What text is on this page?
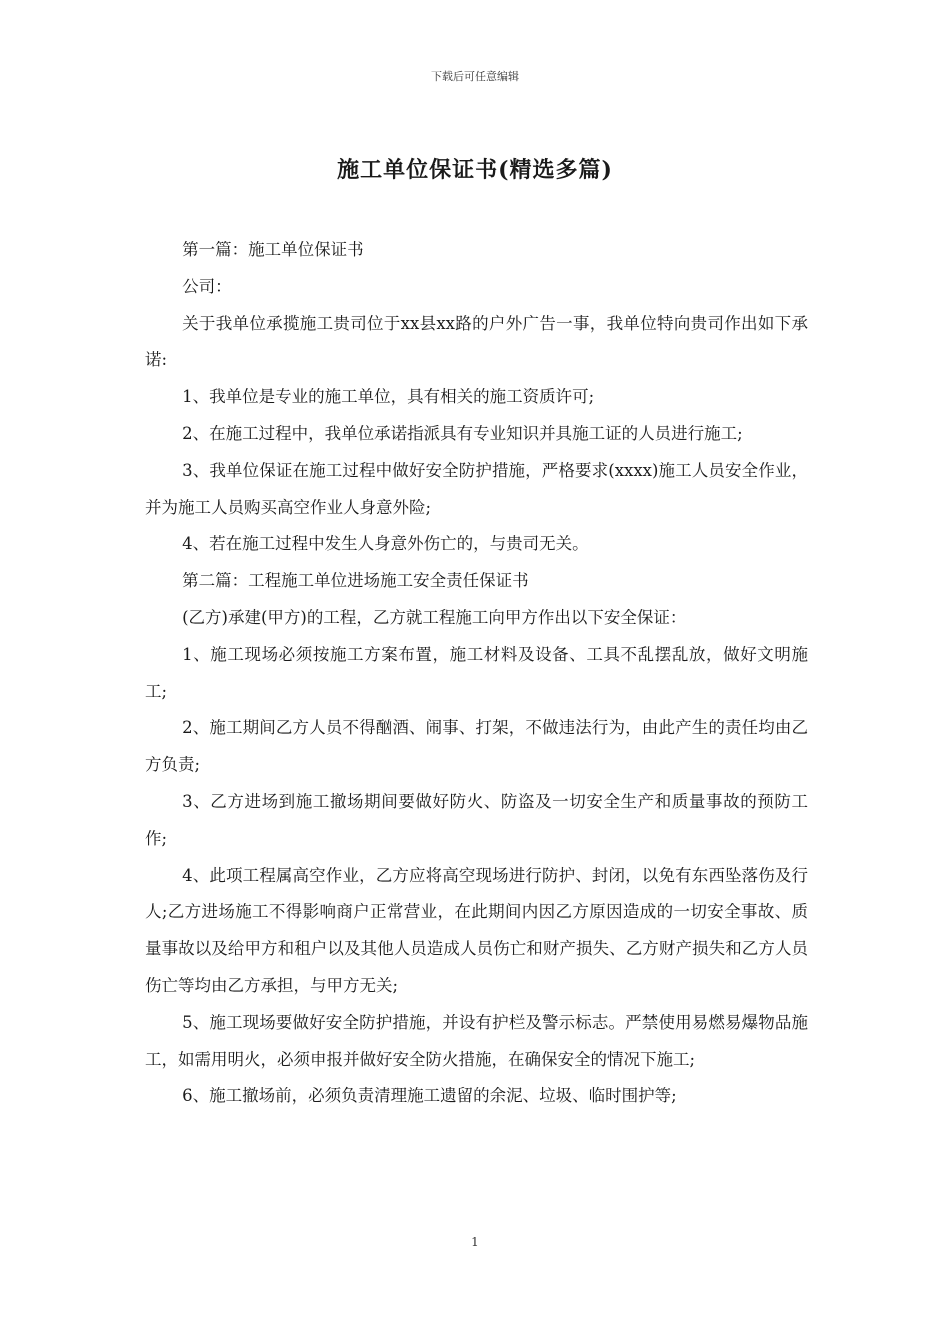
下载后可任意编辑
施工单位保证书(精选多篇)

第一篇：施工单位保证书

公司：

关于我单位承揽施工贵司位于xx县xx路的户外广告一事，我单位特向贵司作出如下承诺:

1、我单位是专业的施工单位，具有相关的施工资质许可;

2、在施工过程中，我单位承诺指派具有专业知识并具施工证的人员进行施工;

3、我单位保证在施工过程中做好安全防护措施，严格要求(xxxx)施工人员安全作业，并为施工人员购买高空作业人身意外险;

4、若在施工过程中发生人身意外伤亡的，与贵司无关。

第二篇：工程施工单位进场施工安全责任保证书

(乙方)承建(甲方)的工程，乙方就工程施工向甲方作出以下安全保证：

1、施工现场必须按施工方案布置，施工材料及设备、工具不乱摆乱放，做好文明施工;

2、施工期间乙方人员不得酗酒、闹事、打架，不做违法行为，由此产生的责任均由乙方负责;

3、乙方进场到施工撤场期间要做好防火、防盗及一切安全生产和质量事故的预防工作;

4、此项工程属高空作业，乙方应将高空现场进行防护、封闭，以免有东西坠落伤及行人;乙方进场施工不得影响商户正常营业，在此期间内因乙方原因造成的一切安全事故、质量事故以及给甲方和租户以及其他人员造成人员伤亡和财产损失、乙方财产损失和乙方人员伤亡等均由乙方承担，与甲方无关;

5、施工现场要做好安全防护措施，并设有护栏及警示标志。严禁使用易燃易爆物品施工，如需用明火，必须申报并做好安全防火措施，在确保安全的情况下施工;

6、施工撤场前，必须负责清理施工遗留的余泥、垃圾、临时围护等;

1
